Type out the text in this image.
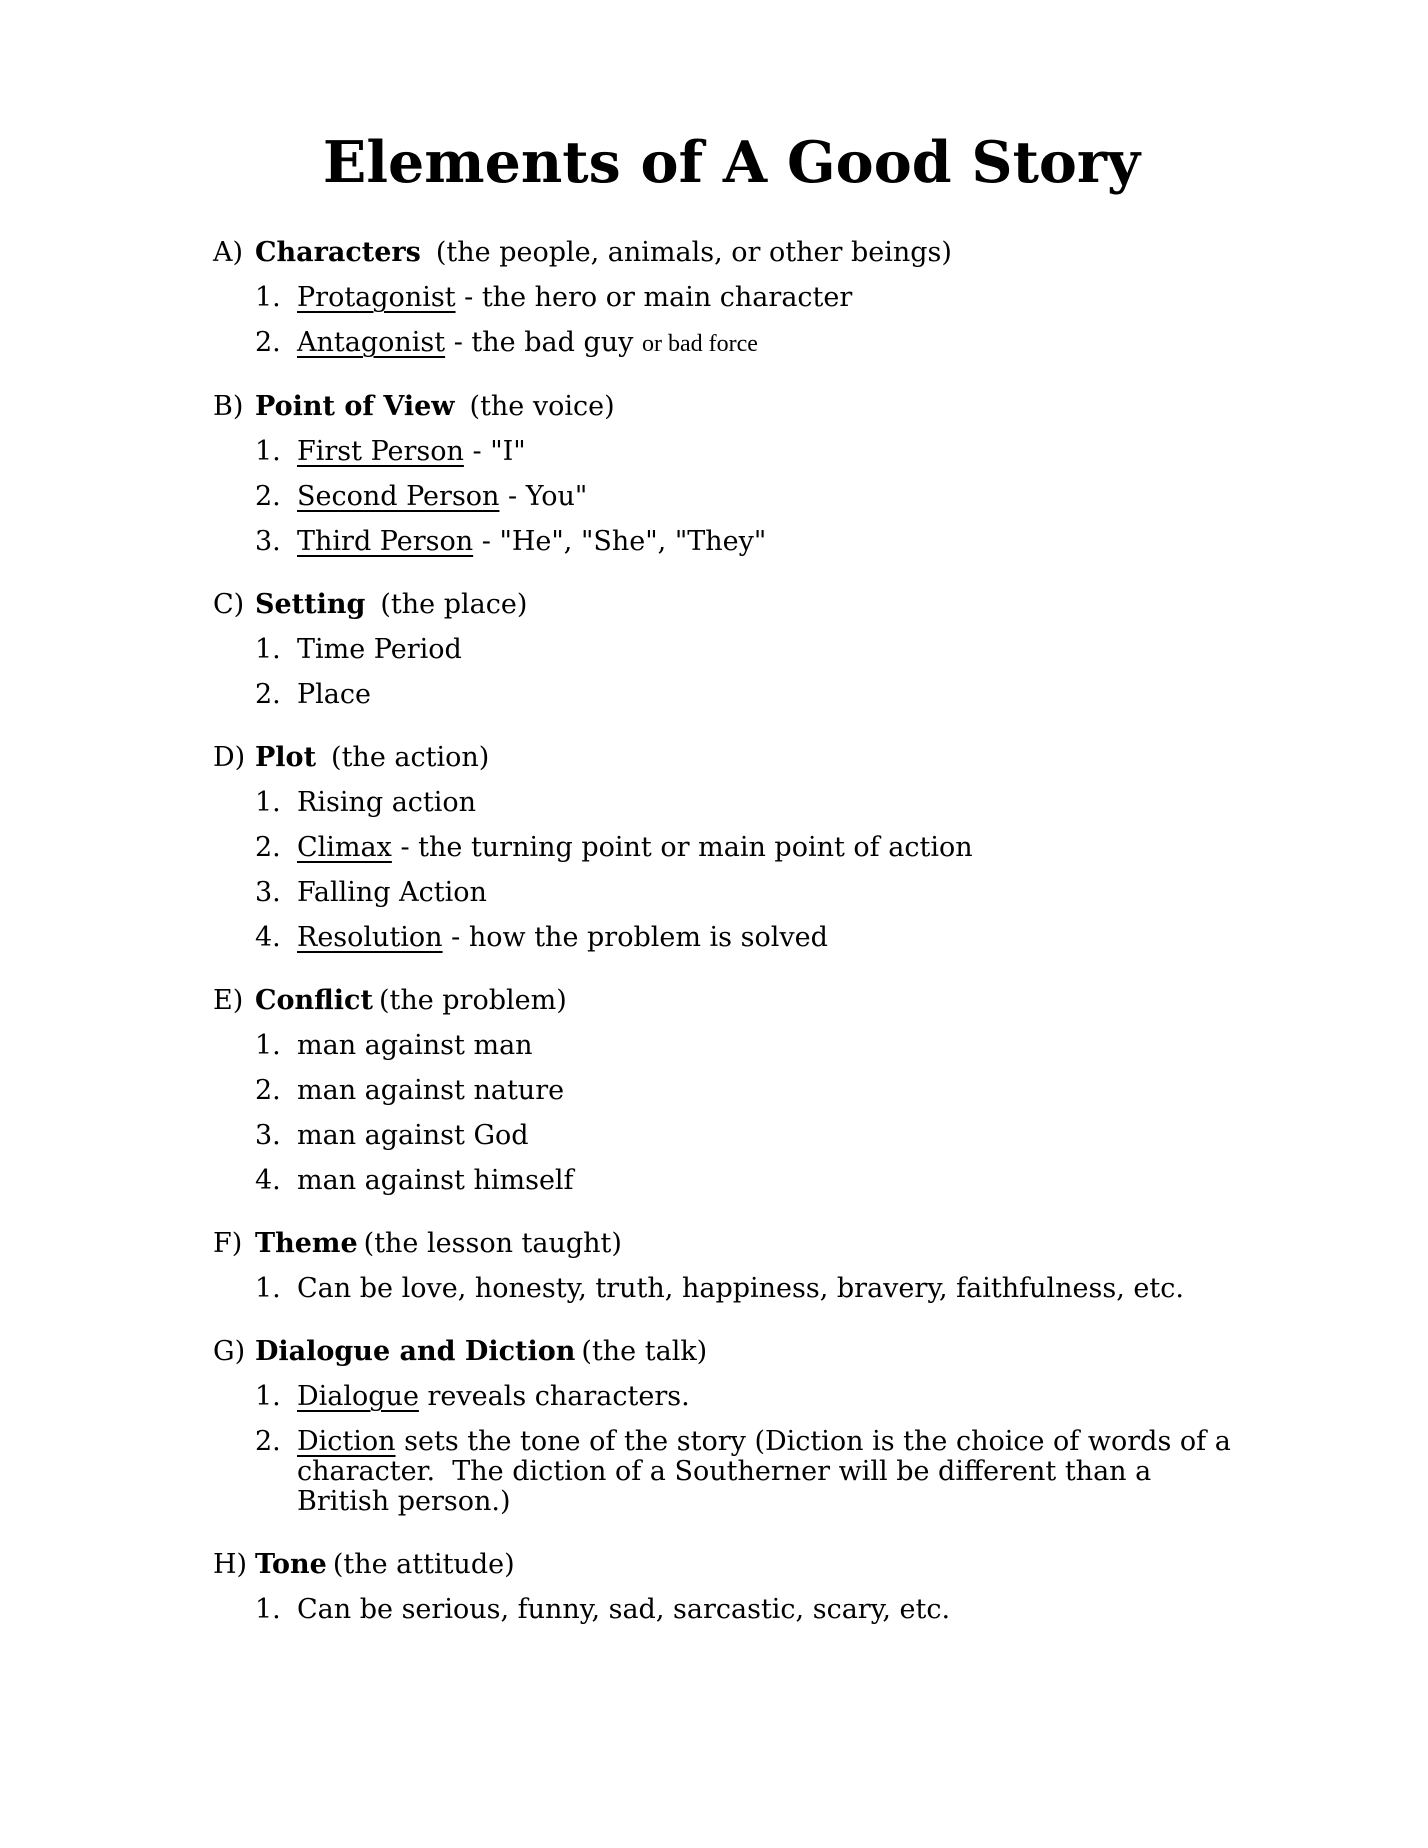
Elements of A Good Story
A) Characters (the people, animals, or other beings)
1. Protagonist - the hero or main character
2. Antagonist - the bad guy or bad force
B) Point of View (the voice)
1. First Person - "I"
2. Second Person - You"
3. Third Person - "He", "She", "They"
C) Setting (the place)
1. Time Period
2. Place
D) Plot (the action)
1. Rising action
2. Climax - the turning point or main point of action
3. Falling Action
4. Resolution - how the problem is solved
E) Conflict (the problem)
1. man against man
2. man against nature
3. man against God
4. man against himself
F) Theme (the lesson taught)
1. Can be love, honesty, truth, happiness, bravery, faithfulness, etc.
G) Dialogue and Diction (the talk)
1. Dialogue reveals characters.
2. Diction sets the tone of the story (Diction is the choice of words of a character.  The diction of a Southerner will be different than a British person.)
H) Tone (the attitude)
1. Can be serious, funny, sad, sarcastic, scary, etc.
